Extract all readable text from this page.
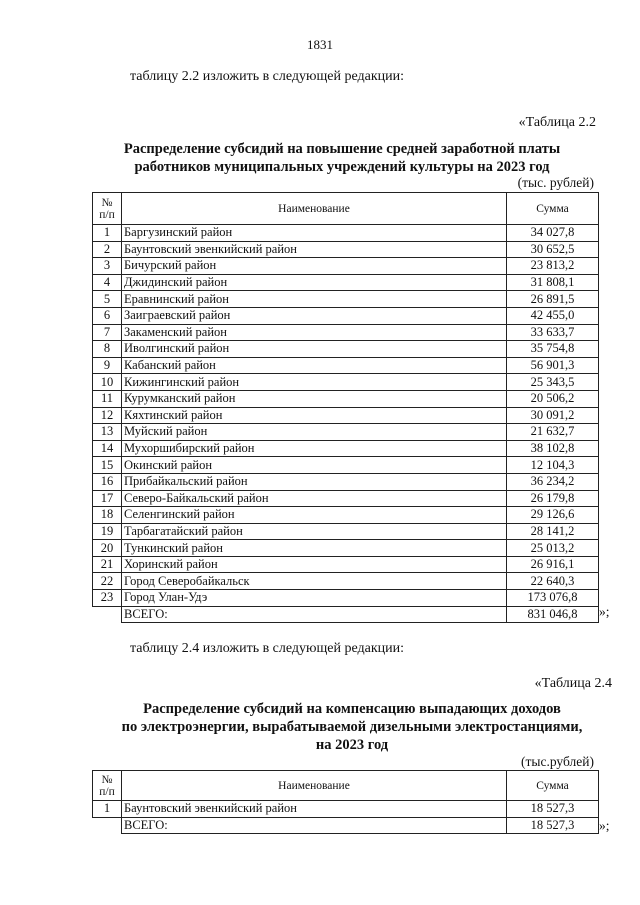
1831
таблицу 2.2 изложить в следующей редакции:
«Таблица 2.2
Распределение субсидий на повышение средней заработной платы
работников муниципальных учреждений культуры на 2023 год
(тыс. рублей)
№
п/п	Наименование	Сумма
1	Баргузинский район	34 027,8
2	Баунтовский эвенкийский район	30 652,5
3	Бичурский район	23 813,2
4	Джидинский район	31 808,1
5	Еравнинский район	26 891,5
6	Заиграевский район	42 455,0
7	Закаменский район	33 633,7
8	Иволгинский район	35 754,8
9	Кабанский район	56 901,3
10	Кижингинский район	25 343,5
11	Курумканский район	20 506,2
12	Кяхтинский район	30 091,2
13	Муйский район	21 632,7
14	Мухоршибирский район	38 102,8
15	Окинский район	12 104,3
16	Прибайкальский район	36 234,2
17	Северо-Байкальский район	26 179,8
18	Селенгинский район	29 126,6
19	Тарбагатайский район	28 141,2
20	Тункинский район	25 013,2
21	Хоринский район	26 916,1
22	Город Северобайкальск	22 640,3
23	Город Улан-Удэ	173 076,8
	ВСЕГО:	831 046,8 »;
таблицу 2.4 изложить в следующей редакции:
«Таблица 2.4
Распределение субсидий на компенсацию выпадающих доходов
по электроэнергии, вырабатываемой дизельными электростанциями,
на 2023 год
(тыс.рублей)
№
п/п	Наименование	Сумма
1	Баунтовский эвенкийский район	18 527,3
	ВСЕГО:	18 527,3 »;
